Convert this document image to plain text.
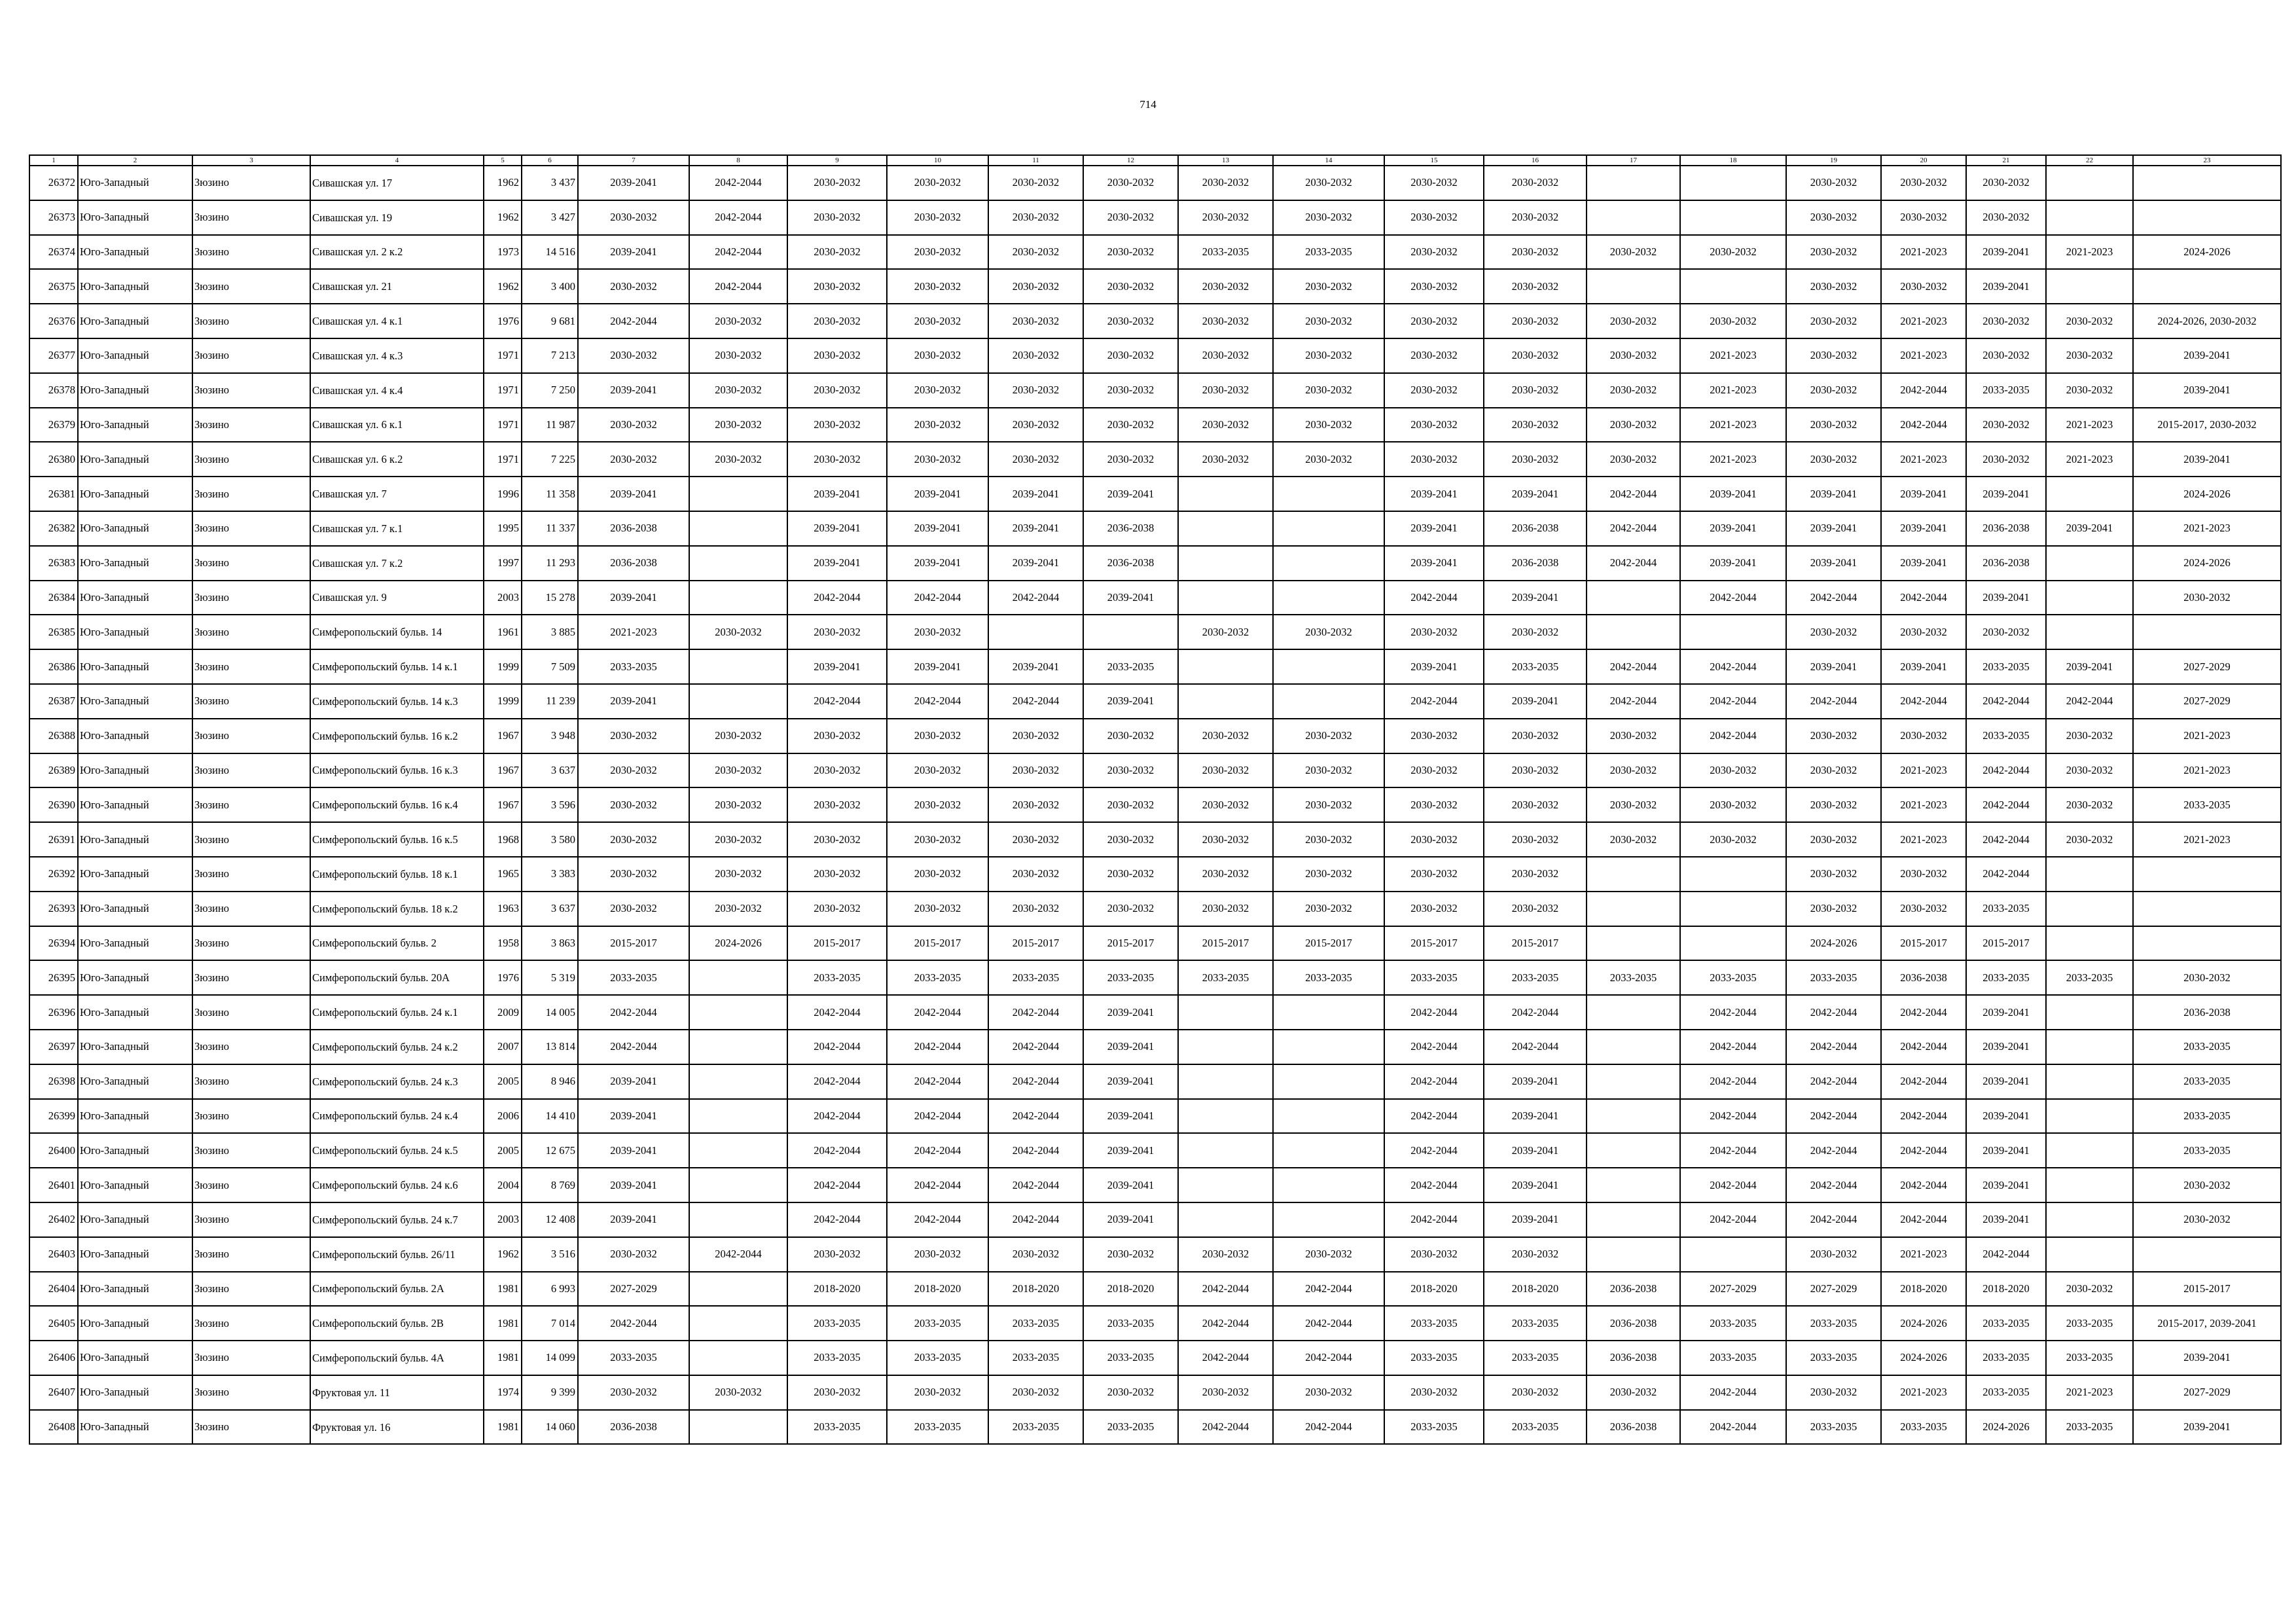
714
1	2	3	4	5	6	7	8	9	10	11	12	13	14	15	16	17	18	19	20	21	22	23
26372	Юго-Западный	Зюзино	Сивашская ул. 17	1962	3 437	2039-2041	2042-2044	2030-2032	2030-2032	2030-2032	2030-2032	2030-2032	2030-2032	2030-2032	2030-2032			2030-2032	2030-2032	2030-2032		
26373	Юго-Западный	Зюзино	Сивашская ул. 19	1962	3 427	2030-2032	2042-2044	2030-2032	2030-2032	2030-2032	2030-2032	2030-2032	2030-2032	2030-2032	2030-2032			2030-2032	2030-2032	2030-2032		
26374	Юго-Западный	Зюзино	Сивашская ул. 2 к.2	1973	14 516	2039-2041	2042-2044	2030-2032	2030-2032	2030-2032	2030-2032	2033-2035	2033-2035	2030-2032	2030-2032	2030-2032	2030-2032	2030-2032	2021-2023	2039-2041	2021-2023	2024-2026
26375	Юго-Западный	Зюзино	Сивашская ул. 21	1962	3 400	2030-2032	2042-2044	2030-2032	2030-2032	2030-2032	2030-2032	2030-2032	2030-2032	2030-2032	2030-2032			2030-2032	2030-2032	2039-2041		
26376	Юго-Западный	Зюзино	Сивашская ул. 4 к.1	1976	9 681	2042-2044	2030-2032	2030-2032	2030-2032	2030-2032	2030-2032	2030-2032	2030-2032	2030-2032	2030-2032	2030-2032	2030-2032	2030-2032	2021-2023	2030-2032	2030-2032	2024-2026, 2030-2032
26377	Юго-Западный	Зюзино	Сивашская ул. 4 к.3	1971	7 213	2030-2032	2030-2032	2030-2032	2030-2032	2030-2032	2030-2032	2030-2032	2030-2032	2030-2032	2030-2032	2030-2032	2021-2023	2030-2032	2021-2023	2030-2032	2030-2032	2039-2041
26378	Юго-Западный	Зюзино	Сивашская ул. 4 к.4	1971	7 250	2039-2041	2030-2032	2030-2032	2030-2032	2030-2032	2030-2032	2030-2032	2030-2032	2030-2032	2030-2032	2030-2032	2021-2023	2030-2032	2042-2044	2033-2035	2030-2032	2039-2041
26379	Юго-Западный	Зюзино	Сивашская ул. 6 к.1	1971	11 987	2030-2032	2030-2032	2030-2032	2030-2032	2030-2032	2030-2032	2030-2032	2030-2032	2030-2032	2030-2032	2030-2032	2021-2023	2030-2032	2042-2044	2030-2032	2021-2023	2015-2017, 2030-2032
26380	Юго-Западный	Зюзино	Сивашская ул. 6 к.2	1971	7 225	2030-2032	2030-2032	2030-2032	2030-2032	2030-2032	2030-2032	2030-2032	2030-2032	2030-2032	2030-2032	2030-2032	2021-2023	2030-2032	2021-2023	2030-2032	2021-2023	2039-2041
26381	Юго-Западный	Зюзино	Сивашская ул. 7	1996	11 358	2039-2041		2039-2041	2039-2041	2039-2041	2039-2041			2039-2041	2039-2041	2042-2044	2039-2041	2039-2041	2039-2041	2039-2041		2024-2026
26382	Юго-Западный	Зюзино	Сивашская ул. 7 к.1	1995	11 337	2036-2038		2039-2041	2039-2041	2039-2041	2036-2038			2039-2041	2036-2038	2042-2044	2039-2041	2039-2041	2039-2041	2036-2038	2039-2041	2021-2023
26383	Юго-Западный	Зюзино	Сивашская ул. 7 к.2	1997	11 293	2036-2038		2039-2041	2039-2041	2039-2041	2036-2038			2039-2041	2036-2038	2042-2044	2039-2041	2039-2041	2039-2041	2036-2038		2024-2026
26384	Юго-Западный	Зюзино	Сивашская ул. 9	2003	15 278	2039-2041		2042-2044	2042-2044	2042-2044	2039-2041			2042-2044	2039-2041		2042-2044	2042-2044	2042-2044	2039-2041		2030-2032
26385	Юго-Западный	Зюзино	Симферопольский бульв. 14	1961	3 885	2021-2023	2030-2032	2030-2032	2030-2032			2030-2032	2030-2032	2030-2032	2030-2032			2030-2032	2030-2032	2030-2032		
26386	Юго-Западный	Зюзино	Симферопольский бульв. 14 к.1	1999	7 509	2033-2035		2039-2041	2039-2041	2039-2041	2033-2035			2039-2041	2033-2035	2042-2044	2042-2044	2039-2041	2039-2041	2033-2035	2039-2041	2027-2029
26387	Юго-Западный	Зюзино	Симферопольский бульв. 14 к.3	1999	11 239	2039-2041		2042-2044	2042-2044	2042-2044	2039-2041			2042-2044	2039-2041	2042-2044	2042-2044	2042-2044	2042-2044	2042-2044	2042-2044	2027-2029
26388	Юго-Западный	Зюзино	Симферопольский бульв. 16 к.2	1967	3 948	2030-2032	2030-2032	2030-2032	2030-2032	2030-2032	2030-2032	2030-2032	2030-2032	2030-2032	2030-2032	2030-2032	2042-2044	2030-2032	2030-2032	2033-2035	2030-2032	2021-2023
26389	Юго-Западный	Зюзино	Симферопольский бульв. 16 к.3	1967	3 637	2030-2032	2030-2032	2030-2032	2030-2032	2030-2032	2030-2032	2030-2032	2030-2032	2030-2032	2030-2032	2030-2032	2030-2032	2030-2032	2021-2023	2042-2044	2030-2032	2021-2023
26390	Юго-Западный	Зюзино	Симферопольский бульв. 16 к.4	1967	3 596	2030-2032	2030-2032	2030-2032	2030-2032	2030-2032	2030-2032	2030-2032	2030-2032	2030-2032	2030-2032	2030-2032	2030-2032	2030-2032	2021-2023	2042-2044	2030-2032	2033-2035
26391	Юго-Западный	Зюзино	Симферопольский бульв. 16 к.5	1968	3 580	2030-2032	2030-2032	2030-2032	2030-2032	2030-2032	2030-2032	2030-2032	2030-2032	2030-2032	2030-2032	2030-2032	2030-2032	2030-2032	2021-2023	2042-2044	2030-2032	2021-2023
26392	Юго-Западный	Зюзино	Симферопольский бульв. 18 к.1	1965	3 383	2030-2032	2030-2032	2030-2032	2030-2032	2030-2032	2030-2032	2030-2032	2030-2032	2030-2032	2030-2032			2030-2032	2030-2032	2042-2044		
26393	Юго-Западный	Зюзино	Симферопольский бульв. 18 к.2	1963	3 637	2030-2032	2030-2032	2030-2032	2030-2032	2030-2032	2030-2032	2030-2032	2030-2032	2030-2032	2030-2032			2030-2032	2030-2032	2033-2035		
26394	Юго-Западный	Зюзино	Симферопольский бульв. 2	1958	3 863	2015-2017	2024-2026	2015-2017	2015-2017	2015-2017	2015-2017	2015-2017	2015-2017	2015-2017	2015-2017			2024-2026	2015-2017	2015-2017		
26395	Юго-Западный	Зюзино	Симферопольский бульв. 20А	1976	5 319	2033-2035		2033-2035	2033-2035	2033-2035	2033-2035	2033-2035	2033-2035	2033-2035	2033-2035	2033-2035	2033-2035	2033-2035	2036-2038	2033-2035	2033-2035	2030-2032
26396	Юго-Западный	Зюзино	Симферопольский бульв. 24 к.1	2009	14 005	2042-2044		2042-2044	2042-2044	2042-2044	2039-2041			2042-2044	2042-2044		2042-2044	2042-2044	2042-2044	2039-2041		2036-2038
26397	Юго-Западный	Зюзино	Симферопольский бульв. 24 к.2	2007	13 814	2042-2044		2042-2044	2042-2044	2042-2044	2039-2041			2042-2044	2042-2044		2042-2044	2042-2044	2042-2044	2039-2041		2033-2035
26398	Юго-Западный	Зюзино	Симферопольский бульв. 24 к.3	2005	8 946	2039-2041		2042-2044	2042-2044	2042-2044	2039-2041			2042-2044	2039-2041		2042-2044	2042-2044	2042-2044	2039-2041		2033-2035
26399	Юго-Западный	Зюзино	Симферопольский бульв. 24 к.4	2006	14 410	2039-2041		2042-2044	2042-2044	2042-2044	2039-2041			2042-2044	2039-2041		2042-2044	2042-2044	2042-2044	2039-2041		2033-2035
26400	Юго-Западный	Зюзино	Симферопольский бульв. 24 к.5	2005	12 675	2039-2041		2042-2044	2042-2044	2042-2044	2039-2041			2042-2044	2039-2041		2042-2044	2042-2044	2042-2044	2039-2041		2033-2035
26401	Юго-Западный	Зюзино	Симферопольский бульв. 24 к.6	2004	8 769	2039-2041		2042-2044	2042-2044	2042-2044	2039-2041			2042-2044	2039-2041		2042-2044	2042-2044	2042-2044	2039-2041		2030-2032
26402	Юго-Западный	Зюзино	Симферопольский бульв. 24 к.7	2003	12 408	2039-2041		2042-2044	2042-2044	2042-2044	2039-2041			2042-2044	2039-2041		2042-2044	2042-2044	2042-2044	2039-2041		2030-2032
26403	Юго-Западный	Зюзино	Симферопольский бульв. 26/11	1962	3 516	2030-2032	2042-2044	2030-2032	2030-2032	2030-2032	2030-2032	2030-2032	2030-2032	2030-2032	2030-2032			2030-2032	2021-2023	2042-2044		
26404	Юго-Западный	Зюзино	Симферопольский бульв. 2А	1981	6 993	2027-2029		2018-2020	2018-2020	2018-2020	2018-2020	2042-2044	2042-2044	2018-2020	2018-2020	2036-2038	2027-2029	2027-2029	2018-2020	2018-2020	2030-2032	2015-2017
26405	Юго-Западный	Зюзино	Симферопольский бульв. 2В	1981	7 014	2042-2044		2033-2035	2033-2035	2033-2035	2033-2035	2042-2044	2042-2044	2033-2035	2033-2035	2036-2038	2033-2035	2033-2035	2024-2026	2033-2035	2033-2035	2015-2017, 2039-2041
26406	Юго-Западный	Зюзино	Симферопольский бульв. 4А	1981	14 099	2033-2035		2033-2035	2033-2035	2033-2035	2033-2035	2042-2044	2042-2044	2033-2035	2033-2035	2036-2038	2033-2035	2033-2035	2024-2026	2033-2035	2033-2035	2039-2041
26407	Юго-Западный	Зюзино	Фруктовая ул. 11	1974	9 399	2030-2032	2030-2032	2030-2032	2030-2032	2030-2032	2030-2032	2030-2032	2030-2032	2030-2032	2030-2032	2030-2032	2042-2044	2030-2032	2021-2023	2033-2035	2021-2023	2027-2029
26408	Юго-Западный	Зюзино	Фруктовая ул. 16	1981	14 060	2036-2038		2033-2035	2033-2035	2033-2035	2033-2035	2042-2044	2042-2044	2033-2035	2033-2035	2036-2038	2042-2044	2033-2035	2033-2035	2024-2026	2033-2035	2039-2041
